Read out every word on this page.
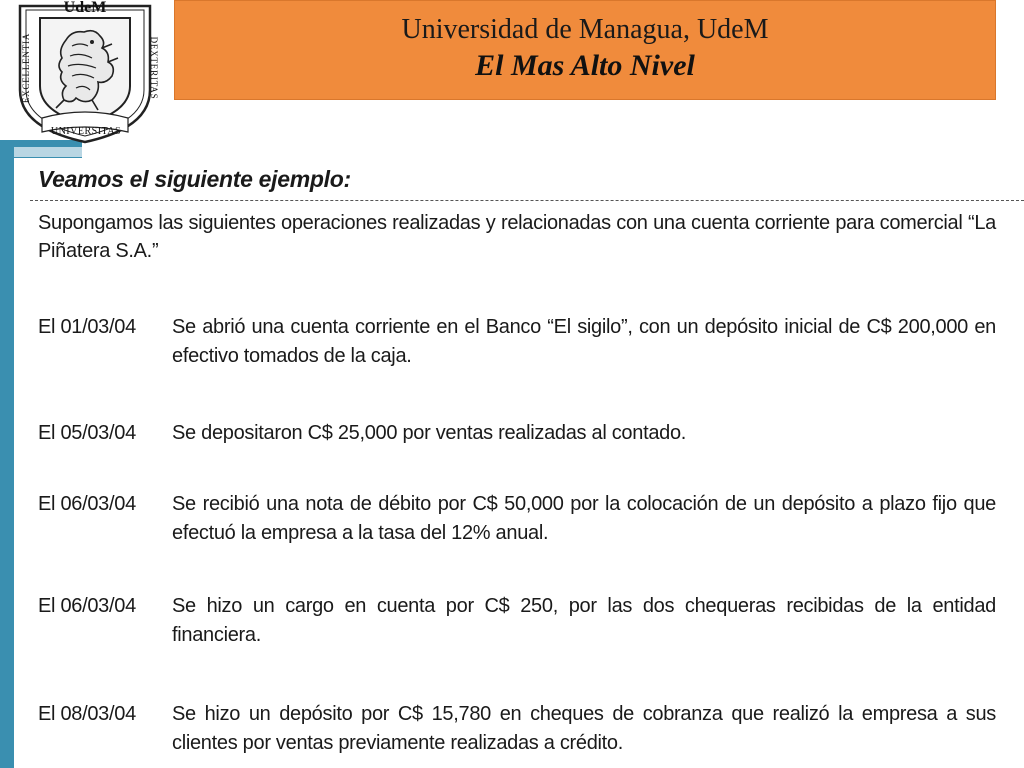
UdeM
UNIVERSITAS
EXCELLENTIA	DEXTERITAS
Universidad de Managua, UdeM
El Mas Alto Nivel
Veamos el siguiente ejemplo:
Supongamos las siguientes operaciones realizadas y relacionadas con una cuenta corriente para comercial “La Piñatera S.A.”
El 01/03/04	Se abrió una cuenta corriente en el Banco “El sigilo”, con un depósito inicial de C$ 200,000 en efectivo tomados de la caja.
El 05/03/04	Se depositaron C$ 25,000 por ventas realizadas al contado.
El 06/03/04	Se recibió una nota de débito por C$ 50,000 por la colocación de un depósito a plazo fijo que efectuó la empresa a la tasa del 12% anual.
El 06/03/04	Se hizo un cargo en cuenta por C$ 250, por las dos chequeras recibidas de la entidad financiera.
El 08/03/04	Se hizo un depósito por C$ 15,780 en cheques de cobranza que realizó la empresa a sus clientes por ventas previamente realizadas a crédito.
